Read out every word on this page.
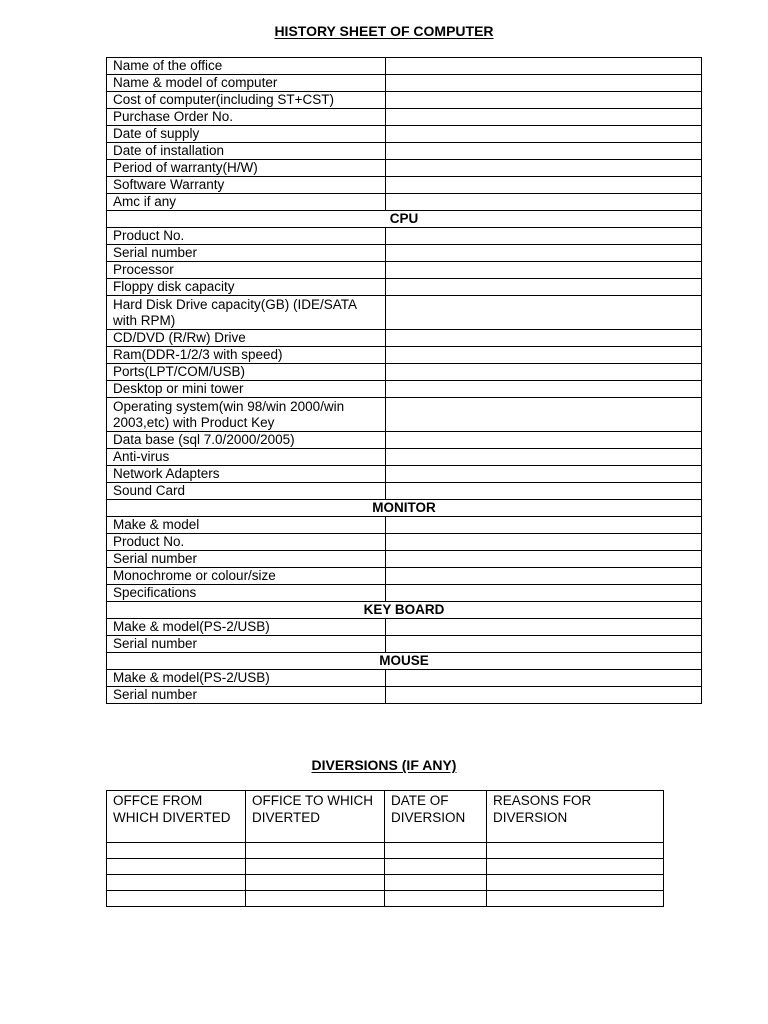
HISTORY SHEET OF COMPUTER
Name of the office	
Name & model of computer	
Cost of computer(including ST+CST)	
Purchase Order No.	
Date of supply	
Date of installation	
Period of warranty(H/W)	
Software Warranty	
Amc if any	
CPU	
Product No.	
Serial number	
Processor	
Floppy disk capacity	
Hard Disk Drive capacity(GB) (IDE/SATA with RPM)	
CD/DVD (R/Rw) Drive	
Ram(DDR-1/2/3 with speed)	
Ports(LPT/COM/USB)	
Desktop or mini tower	
Operating system(win 98/win 2000/win 2003,etc) with Product Key	
Data base (sql 7.0/2000/2005)	
Anti-virus	
Network Adapters	
Sound Card	
MONITOR	
Make & model	
Product No.	
Serial number	
Monochrome or colour/size	
Specifications	
KEY BOARD	
Make & model(PS-2/USB)	
Serial number	
MOUSE	
Make & model(PS-2/USB)	
Serial number	
DIVERSIONS (IF ANY)
OFFCE FROM WHICH DIVERTED	OFFICE TO WHICH DIVERTED	DATE OF DIVERSION	REASONS FOR DIVERSION
